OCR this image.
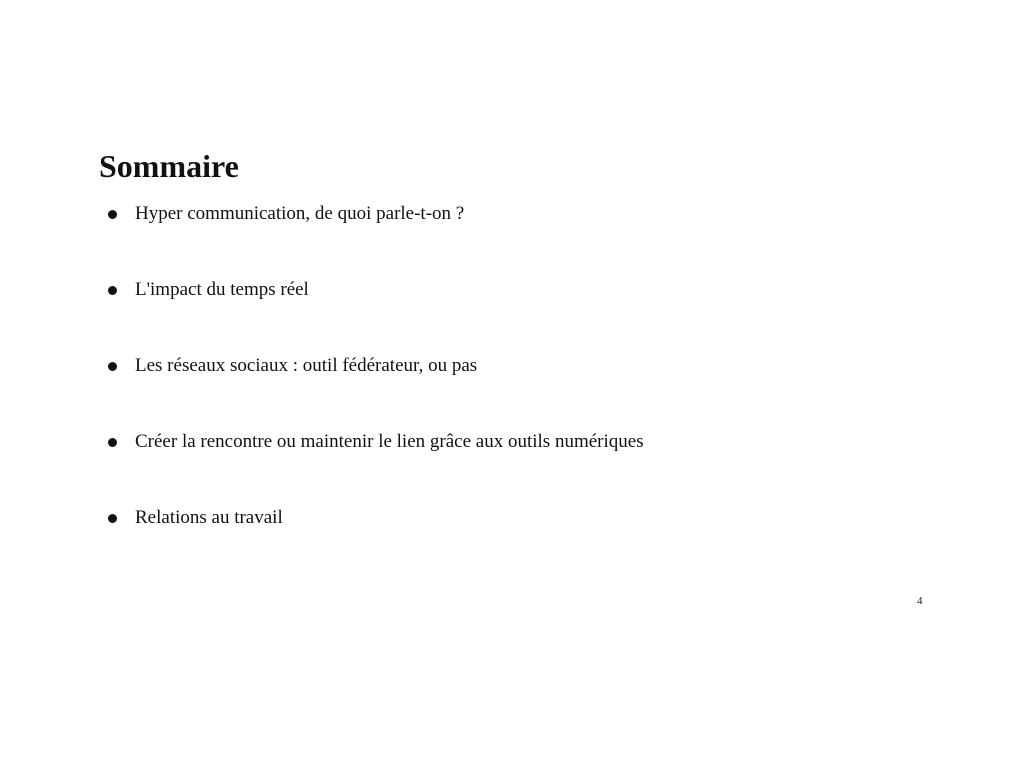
Sommaire
Hyper communication, de quoi parle-t-on ?
L'impact du temps réel
Les réseaux sociaux : outil fédérateur, ou pas
Créer la rencontre ou maintenir le lien grâce aux outils numériques
Relations au travail
4
